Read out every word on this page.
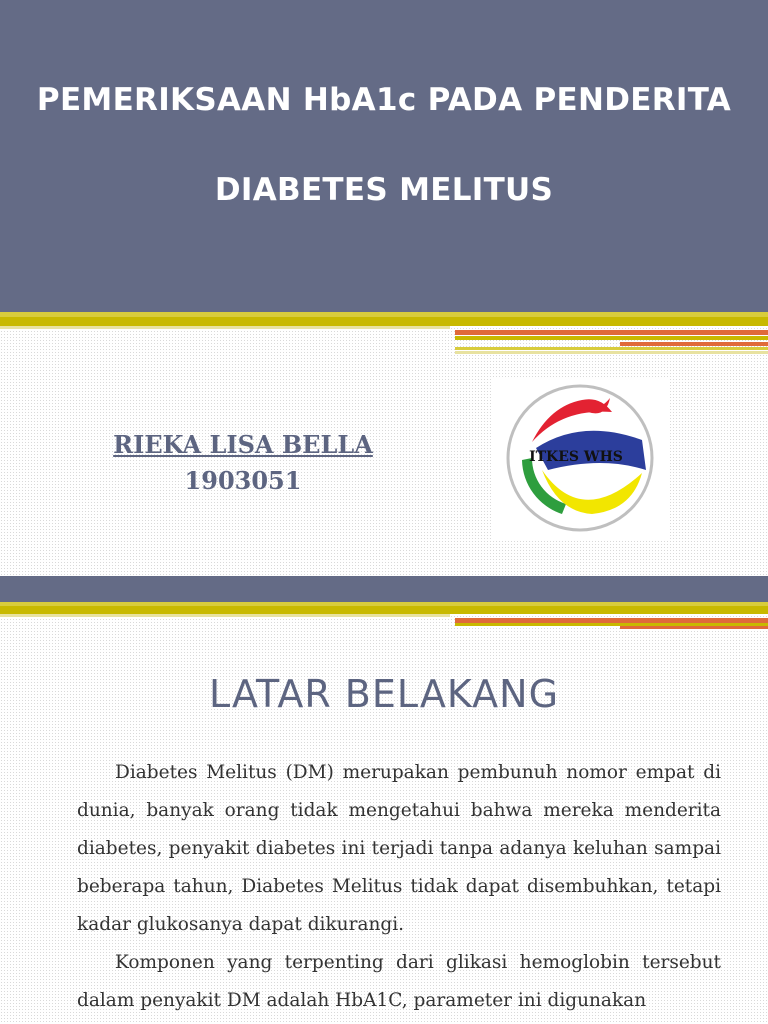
PEMERIKSAAN HbA1c PADA PENDERITA
DIABETES MELITUS
RIEKA LISA BELLA
1903051
ITKES WHS
LATAR BELAKANG

Diabetes Melitus (DM) merupakan pembunuh nomor empat di dunia, banyak orang tidak mengetahui bahwa mereka menderita diabetes, penyakit diabetes ini terjadi tanpa adanya keluhan sampai beberapa tahun, Diabetes Melitus tidak dapat disembuhkan, tetapi kadar glukosanya dapat dikurangi.

Komponen yang terpenting dari glikasi hemoglobin tersebut dalam penyakit DM adalah HbA1C, parameter ini digunakan
